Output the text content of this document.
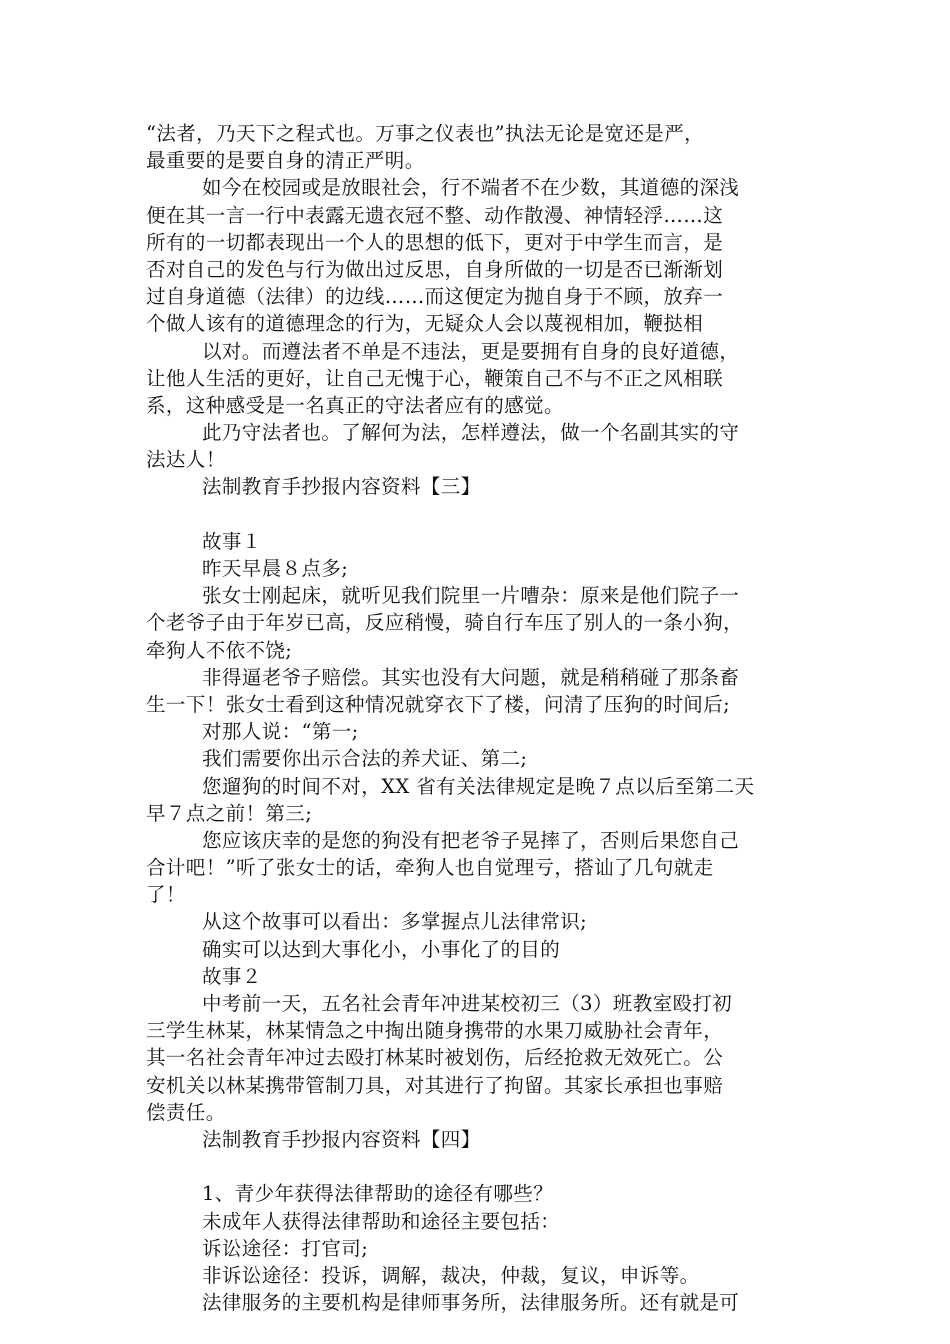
“法者，乃天下之程式也。万事之仪表也”执法无论是宽还是严，
最重要的是要自身的清正严明。
如今在校园或是放眼社会，行不端者不在少数，其道德的深浅
便在其一言一行中表露无遗衣冠不整、动作散漫、神情轻浮……这
所有的一切都表现出一个人的思想的低下，更对于中学生而言，是
否对自己的发色与行为做出过反思，自身所做的一切是否已渐渐划
过自身道德（法律）的边线……而这便定为抛自身于不顾，放弃一
个做人该有的道德理念的行为，无疑众人会以蔑视相加，鞭挞相
以对。而遵法者不单是不违法，更是要拥有自身的良好道德，
让他人生活的更好，让自己无愧于心，鞭策自己不与不正之风相联
系，这种感受是一名真正的守法者应有的感觉。
此乃守法者也。了解何为法，怎样遵法，做一个名副其实的守
法达人！
法制教育手抄报内容资料【三】
故事１
昨天早晨８点多;
张女士刚起床，就听见我们院里一片嘈杂：原来是他们院子一
个老爷子由于年岁已高，反应稍慢，骑自行车压了别人的一条小狗，
牵狗人不依不饶;
非得逼老爷子赔偿。其实也没有大问题，就是稍稍碰了那条畜
生一下！张女士看到这种情况就穿衣下了楼，问清了压狗的时间后;
对那人说：“第一;
我们需要你出示合法的养犬证、第二;
您遛狗的时间不对，XX 省有关法律规定是晚７点以后至第二天
早７点之前！第三;
您应该庆幸的是您的狗没有把老爷子晃摔了，否则后果您自己
合计吧！”听了张女士的话，牵狗人也自觉理亏，搭讪了几句就走
了！
从这个故事可以看出：多掌握点儿法律常识;
确实可以达到大事化小，小事化了的目的
故事２
中考前一天，五名社会青年冲进某校初三（3）班教室殴打初
三学生林某，林某情急之中掏出随身携带的水果刀威胁社会青年，
其一名社会青年冲过去殴打林某时被划伤，后经抢救无效死亡。公
安机关以林某携带管制刀具，对其进行了拘留。其家长承担也事赔
偿责任。
法制教育手抄报内容资料【四】
1、青少年获得法律帮助的途径有哪些？
未成年人获得法律帮助和途径主要包括：
诉讼途径：打官司;
非诉讼途径：投诉，调解，裁决，仲裁，复议，申诉等。
法律服务的主要机构是律师事务所，法律服务所。还有就是可
